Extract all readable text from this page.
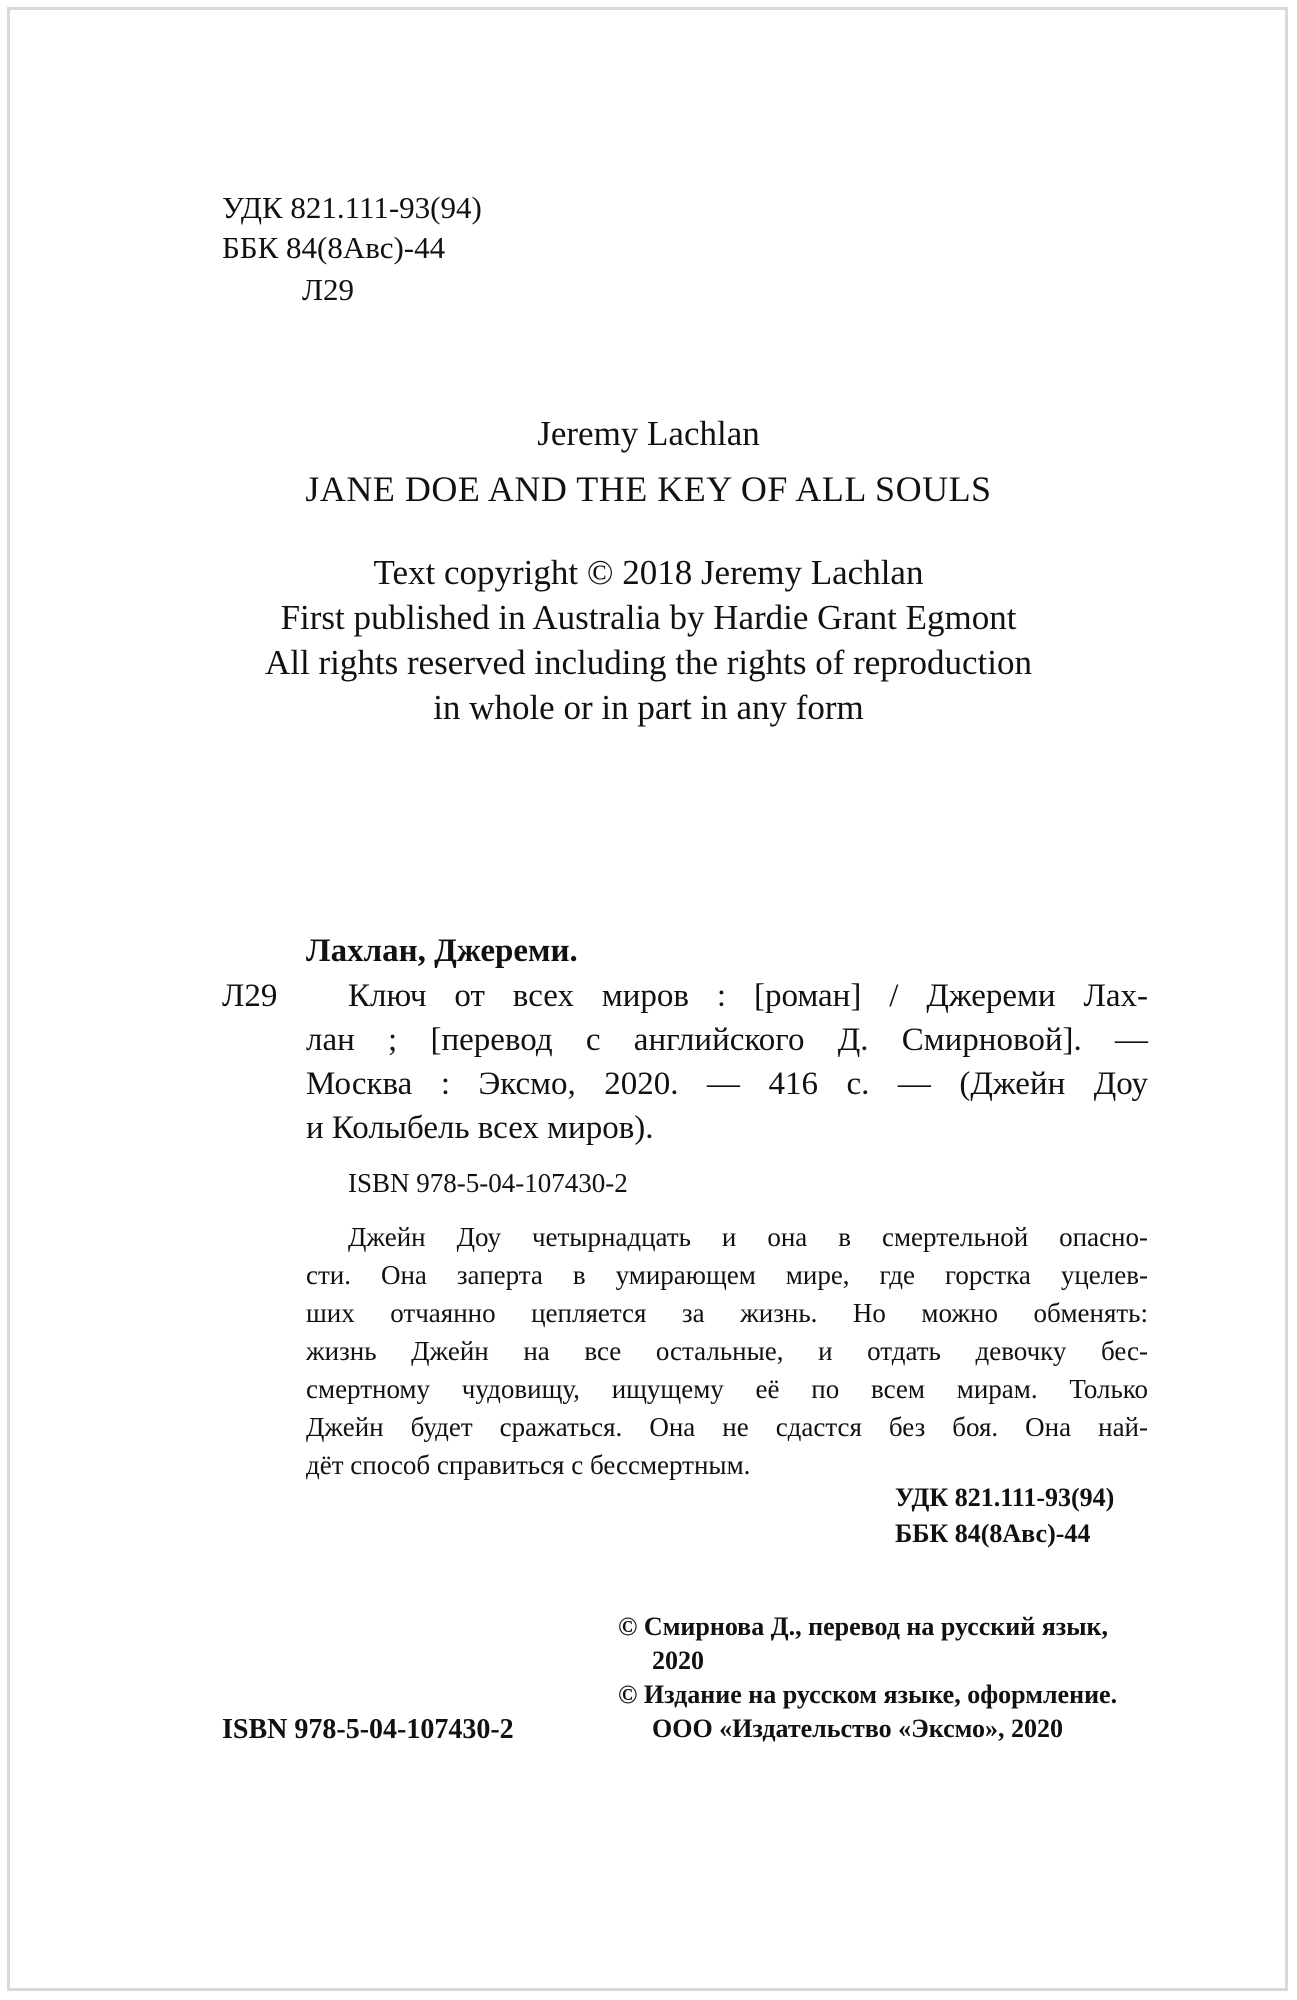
УДК 821.111-93(94)
ББК 84(8Авс)-44
Л29
Jeremy Lachlan
JANE DOE AND THE KEY OF ALL SOULS
Text copyright © 2018 Jeremy Lachlan
First published in Australia by Hardie Grant Egmont
All rights reserved including the rights of reproduction
in whole or in part in any form
Лахлан, Джереми.
Л29 Ключ от всех миров : [роман] / Джереми Лах-
лан ; [перевод с английского Д. Смирновой]. —
Москва : Эксмо, 2020. — 416 с. — (Джейн Доу
и Колыбель всех миров).
ISBN 978-5-04-107430-2
Джейн Доу четырнадцать и она в смертельной опасно-
сти. Она заперта в умирающем мире, где горстка уцелев-
ших отчаянно цепляется за жизнь. Но можно обменять:
жизнь Джейн на все остальные, и отдать девочку бес-
смертному чудовищу, ищущему её по всем мирам. Только
Джейн будет сражаться. Она не сдастся без боя. Она най-
дёт способ справиться с бессмертным.
УДК 821.111-93(94)
ББК 84(8Авс)-44
© Смирнова Д., перевод на русский язык,
2020
© Издание на русском языке, оформление.
ООО «Издательство «Эксмо», 2020
ISBN 978-5-04-107430-2
